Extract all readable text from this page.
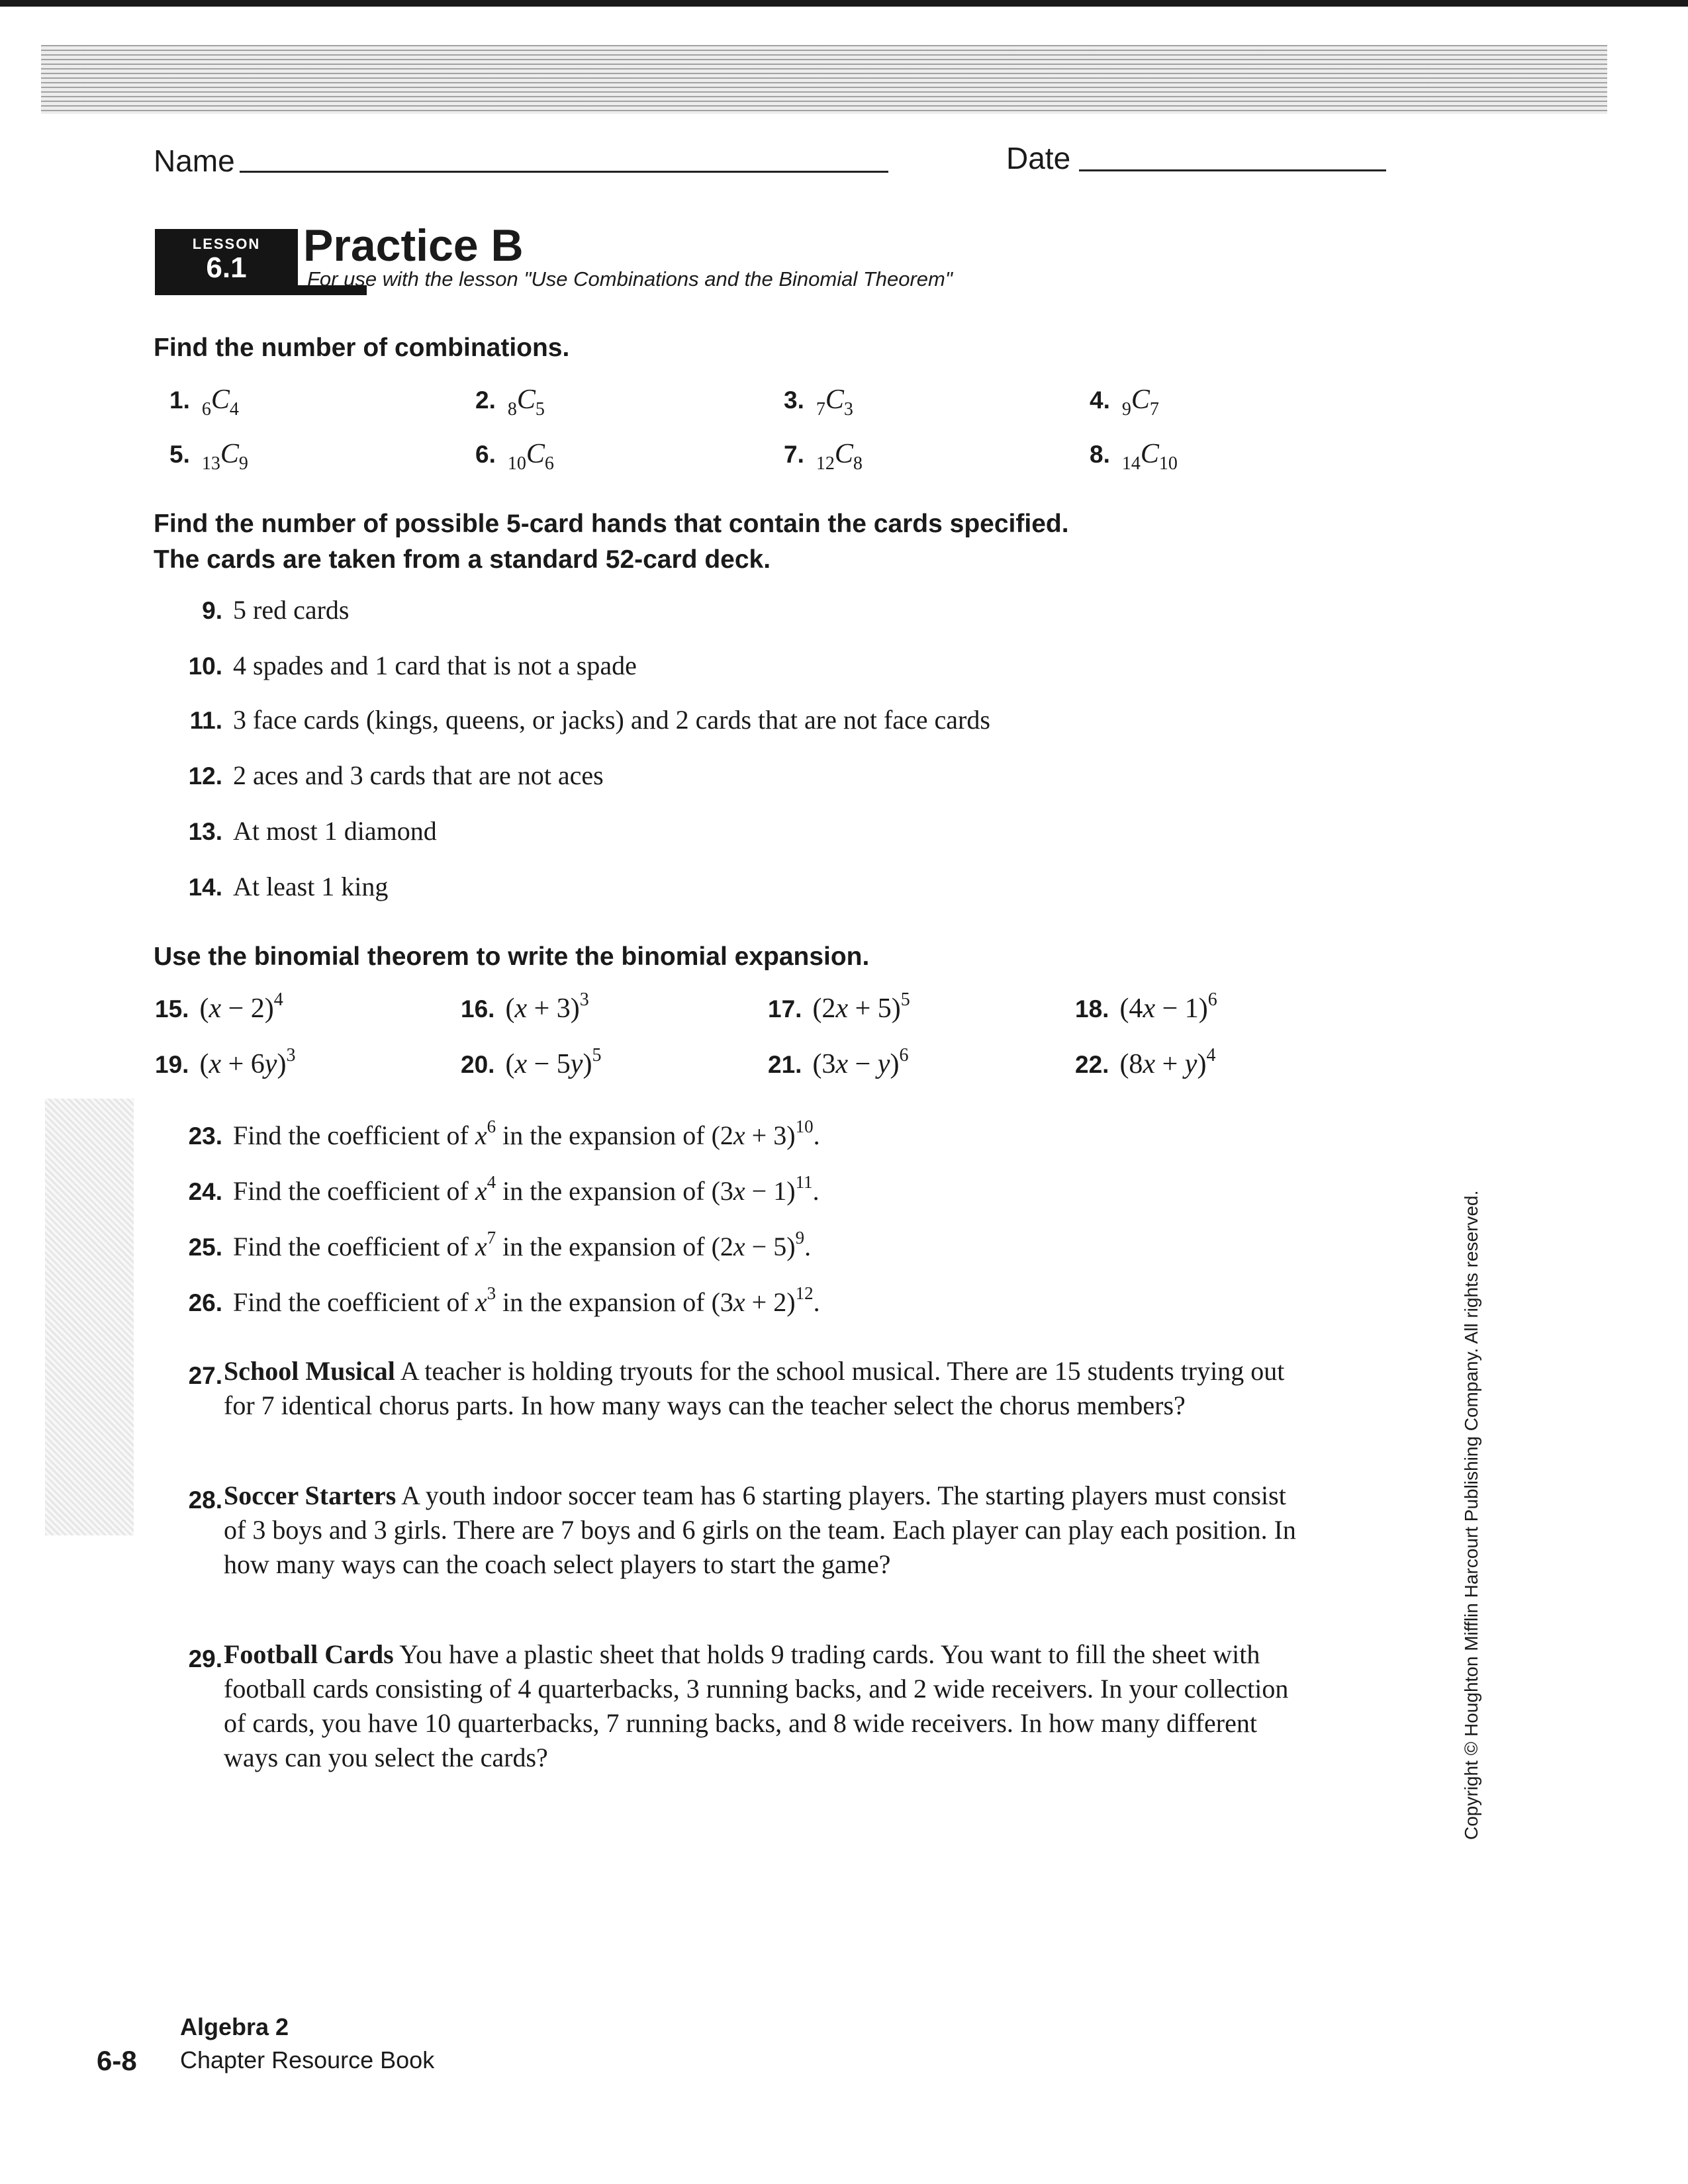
Name	Date
LESSON
6.1	Practice B
For use with the lesson "Use Combinations and the Binomial Theorem"
Find the number of combinations.
1. $_6C_4$	2. $_8C_5$	3. $_7C_3$	4. $_9C_7$
5. $_{13}C_9$	6. $_{10}C_6$	7. $_{12}C_8$	8. $_{14}C_{10}$
Find the number of possible 5-card hands that contain the cards specified.
The cards are taken from a standard 52-card deck.
9. 5 red cards
10. 4 spades and 1 card that is not a spade
11. 3 face cards (kings, queens, or jacks) and 2 cards that are not face cards
12. 2 aces and 3 cards that are not aces
13. At most 1 diamond
14. At least 1 king
Use the binomial theorem to write the binomial expansion.
15. $(x - 2)^4$	16. $(x + 3)^3$	17. $(2x + 5)^5$	18. $(4x - 1)^6$
19. $(x + 6y)^3$	20. $(x - 5y)^5$	21. $(3x - y)^6$	22. $(8x + y)^4$
23. Find the coefficient of $x^6$ in the expansion of $(2x + 3)^{10}$.
24. Find the coefficient of $x^4$ in the expansion of $(3x - 1)^{11}$.
25. Find the coefficient of $x^7$ in the expansion of $(2x - 5)^9$.
26. Find the coefficient of $x^3$ in the expansion of $(3x + 2)^{12}$.
27. School Musical A teacher is holding tryouts for the school musical. There are 15 students trying out for 7 identical chorus parts. In how many ways can the teacher select the chorus members?
28. Soccer Starters A youth indoor soccer team has 6 starting players. The starting players must consist of 3 boys and 3 girls. There are 7 boys and 6 girls on the team. Each player can play each position. In how many ways can the coach select players to start the game?
29. Football Cards You have a plastic sheet that holds 9 trading cards. You want to fill the sheet with football cards consisting of 4 quarterbacks, 3 running backs, and 2 wide receivers. In your collection of cards, you have 10 quarterbacks, 7 running backs, and 8 wide receivers. In how many different ways can you select the cards?	Copyright © Houghton Mifflin Harcourt Publishing Company. All rights reserved.
6-8
Algebra 2
Chapter Resource Book
